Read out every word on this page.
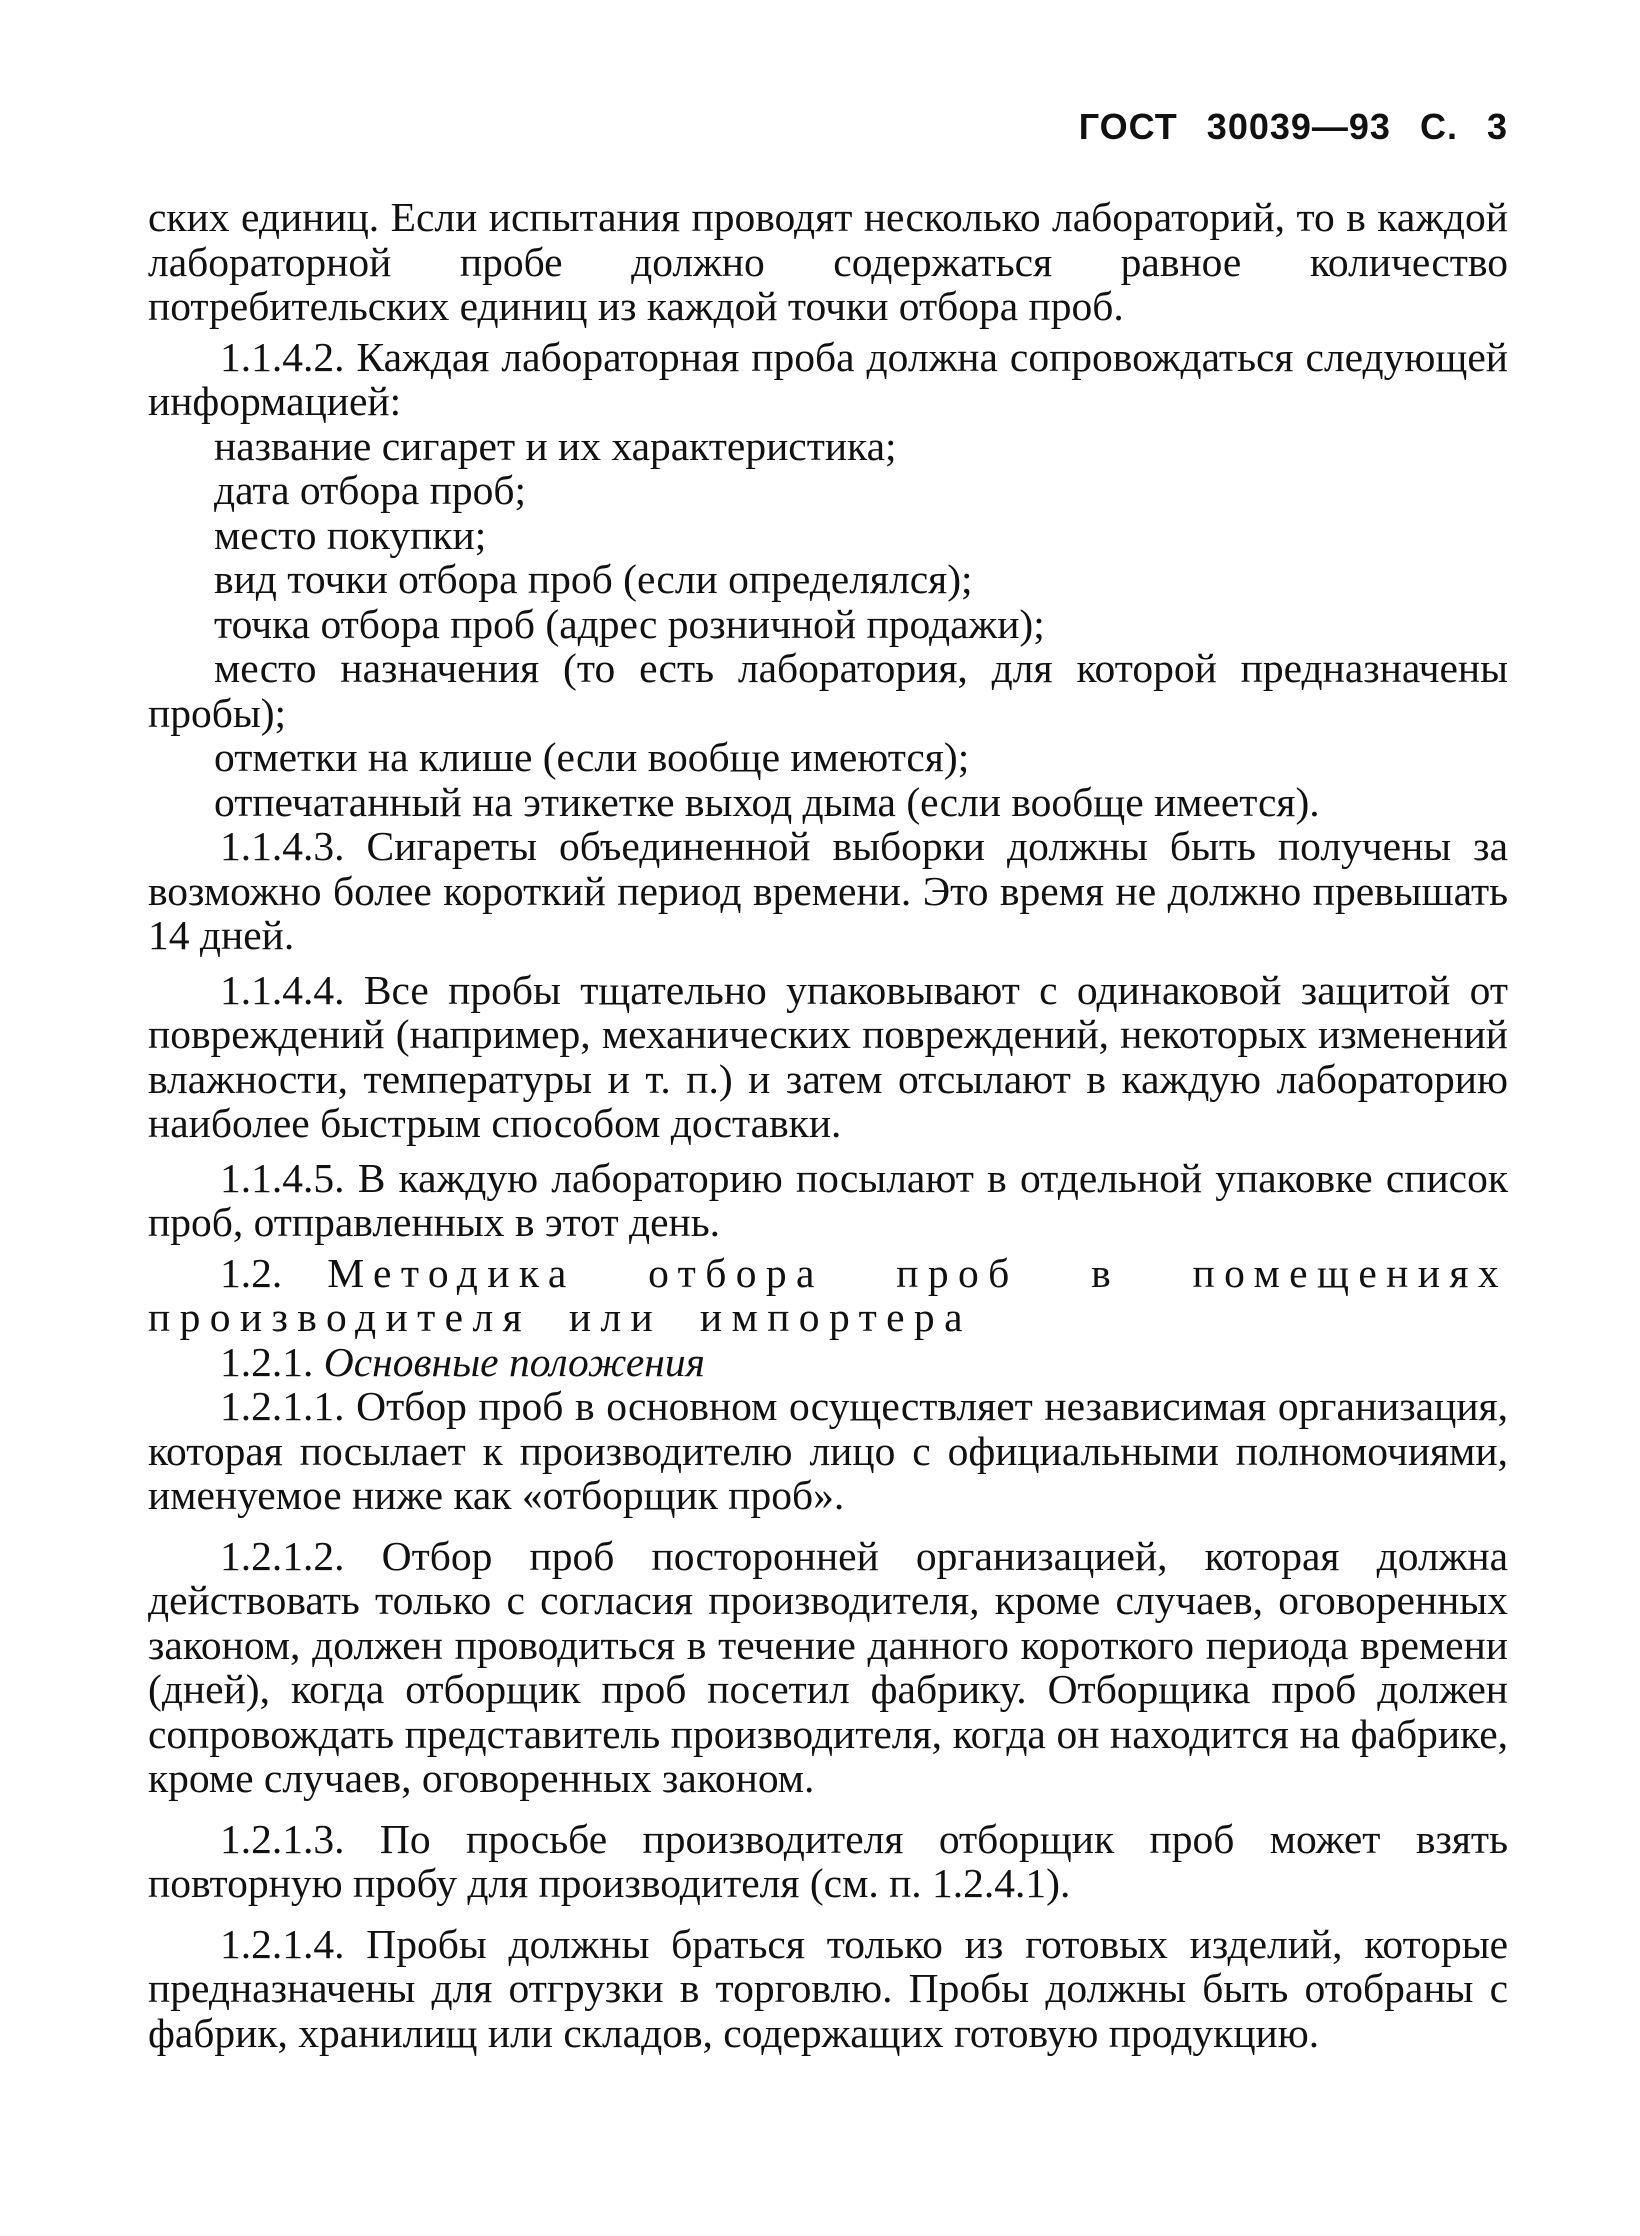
ГОСТ 30039—93 С. 3

ских единиц. Если испытания проводят несколько лабораторий, то в каждой лабораторной пробе должно содержаться равное количество потребительских единиц из каждой точки отбора проб.

1.1.4.2. Каждая лабораторная проба должна сопровождаться следующей информацией:

название сигарет и их характеристика;

дата отбора проб;

место покупки;

вид точки отбора проб (если определялся);

точка отбора проб (адрес розничной продажи);

место назначения (то есть лаборатория, для которой предназначены пробы);

отметки на клише (если вообще имеются);

отпечатанный на этикетке выход дыма (если вообще имеется).

1.1.4.3. Сигареты объединенной выборки должны быть получены за возможно более короткий период времени. Это время не должно превышать 14 дней.

1.1.4.4. Все пробы тщательно упаковывают с одинаковой защитой от повреждений (например, механических повреждений, некоторых изменений влажности, температуры и т. п.) и затем отсылают в каждую лабораторию наиболее быстрым способом доставки.

1.1.4.5. В каждую лабораторию посылают в отдельной упаковке список проб, отправленных в этот день.

1.2. Методика отбора проб в помещениях производителя или импортера

1.2.1. Основные положения

1.2.1.1. Отбор проб в основном осуществляет независимая организация, которая посылает к производителю лицо с официальными полномочиями, именуемое ниже как «отборщик проб».

1.2.1.2. Отбор проб посторонней организацией, которая должна действовать только с согласия производителя, кроме случаев, оговоренных законом, должен проводиться в течение данного короткого периода времени (дней), когда отборщик проб посетил фабрику. Отборщика проб должен сопровождать представитель производителя, когда он находится на фабрике, кроме случаев, оговоренных законом.

1.2.1.3. По просьбе производителя отборщик проб может взять повторную пробу для производителя (см. п. 1.2.4.1).

1.2.1.4. Пробы должны браться только из готовых изделий, которые предназначены для отгрузки в торговлю. Пробы должны быть отобраны с фабрик, хранилищ или складов, содержащих готовую продукцию.
